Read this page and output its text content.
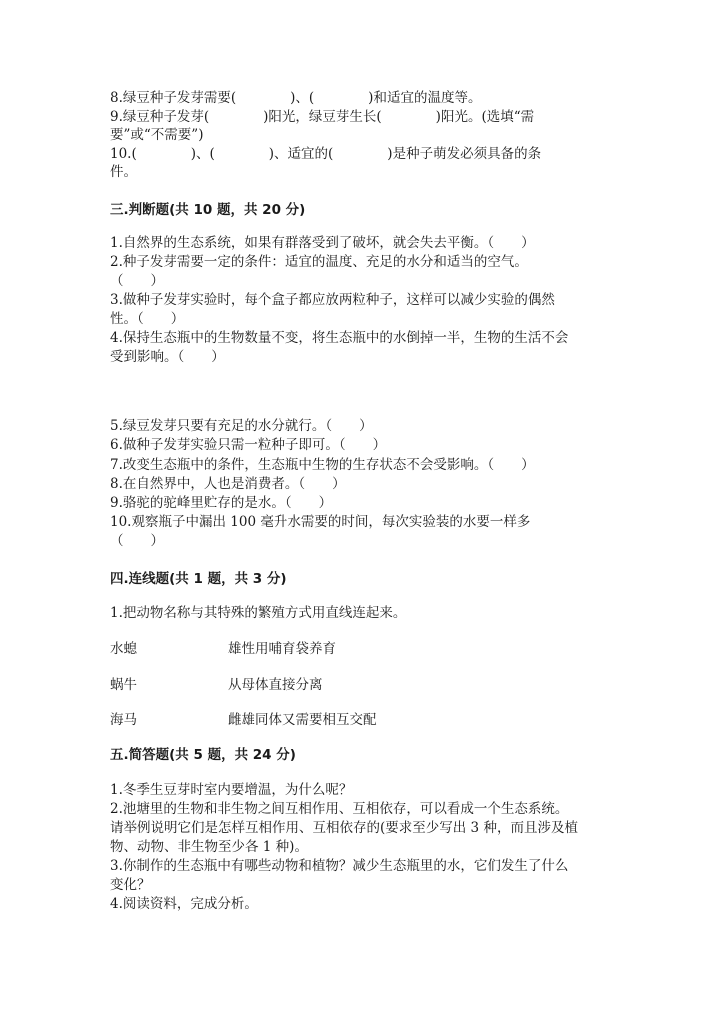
8.绿豆种子发芽需要(　　　　)、(　　　　)和适宜的温度等。
9.绿豆种子发芽(　　　　)阳光，绿豆芽生长(　　　　)阳光。(选填“需
要”或“不需要”)
10.(　　　　)、(　　　　)、适宜的(　　　　)是种子萌发必须具备的条
件。
三.判断题(共 10 题，共 20 分)
1.自然界的生态系统，如果有群落受到了破坏，就会失去平衡。（　　）
2.种子发芽需要一定的条件：适宜的温度、充足的水分和适当的空气。
（　　）
3.做种子发芽实验时，每个盒子都应放两粒种子，这样可以减少实验的偶然
性。（　　）
4.保持生态瓶中的生物数量不变，将生态瓶中的水倒掉一半，生物的生活不会
受到影响。（　　）
5.绿豆发芽只要有充足的水分就行。（　　）
6.做种子发芽实验只需一粒种子即可。（　　）
7.改变生态瓶中的条件，生态瓶中生物的生存状态不会受影响。（　　）
8.在自然界中，人也是消费者。（　　）
9.骆驼的驼峰里贮存的是水。（　　）
10.观察瓶子中漏出 100 毫升水需要的时间，每次实验装的水要一样多
（　　）
四.连线题(共 1 题，共 3 分)
1.把动物名称与其特殊的繁殖方式用直线连起来。
水螅	雄性用哺育袋养育
蜗牛	从母体直接分离
海马	雌雄同体又需要相互交配
五.简答题(共 5 题，共 24 分)
1.冬季生豆芽时室内要增温，为什么呢？
2.池塘里的生物和非生物之间互相作用、互相依存，可以看成一个生态系统。
请举例说明它们是怎样互相作用、互相依存的(要求至少写出 3 种，而且涉及植
物、动物、非生物至少各 1 种)。
3.你制作的生态瓶中有哪些动物和植物？减少生态瓶里的水，它们发生了什么
变化？
4.阅读资料，完成分析。
